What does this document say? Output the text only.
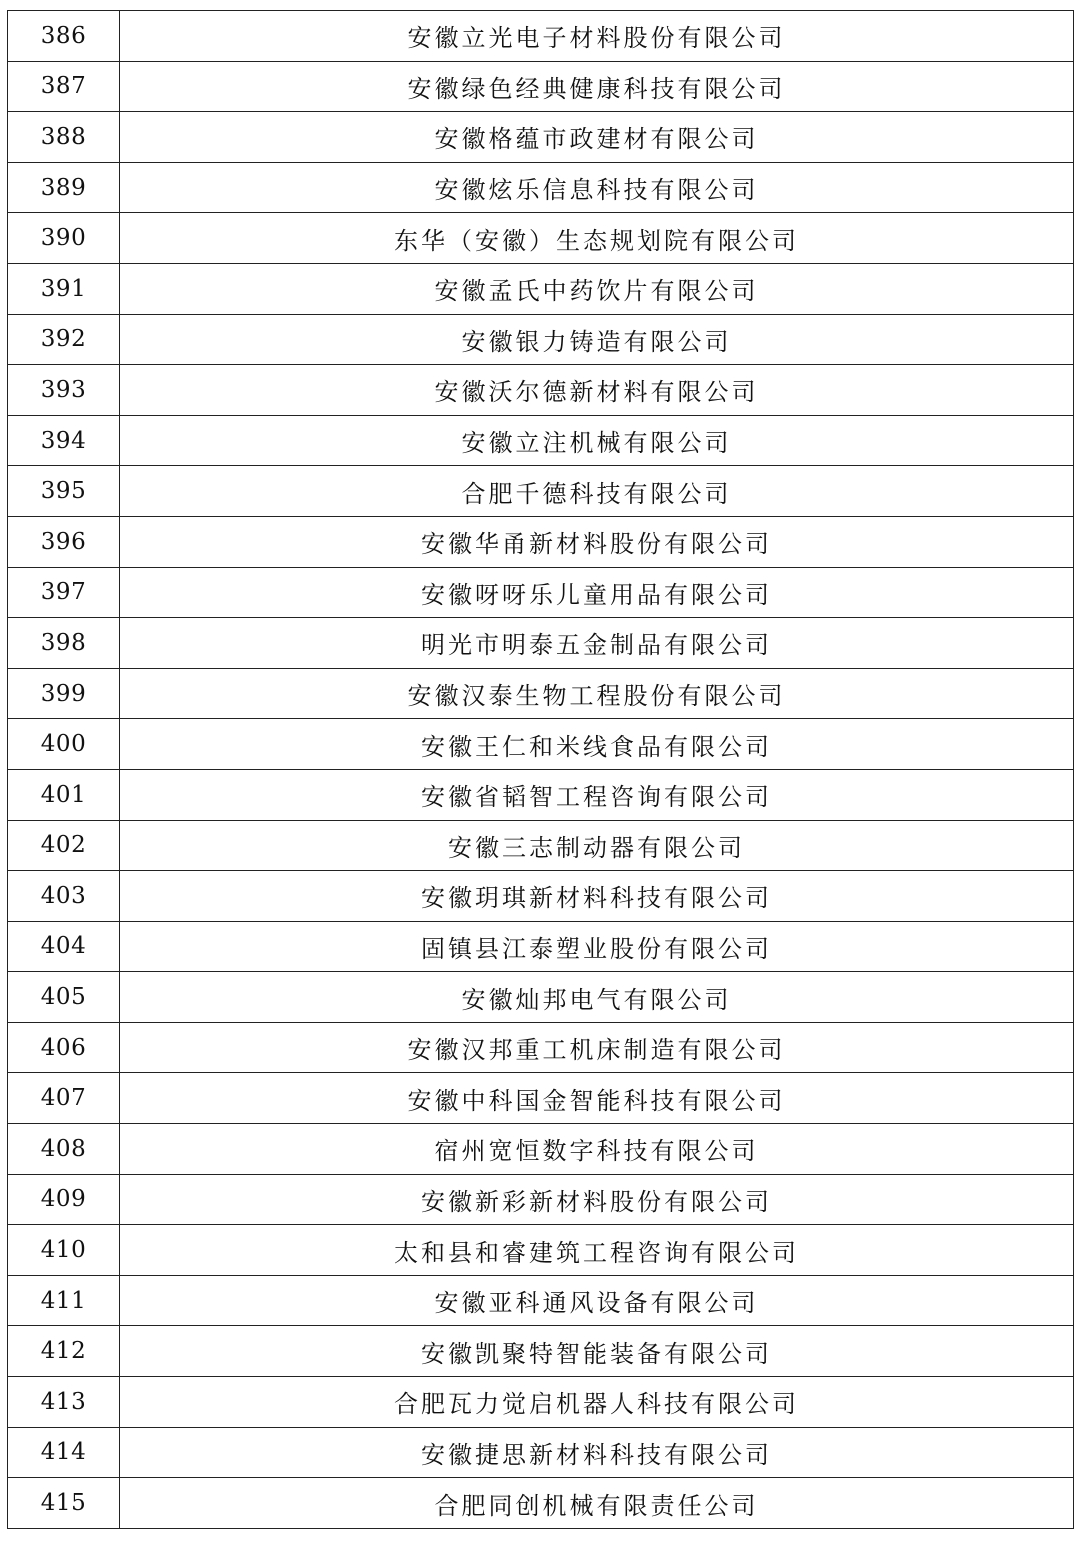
386	安徽立光电子材料股份有限公司
387	安徽绿色经典健康科技有限公司
388	安徽格蕴市政建材有限公司
389	安徽炫乐信息科技有限公司
390	东华（安徽）生态规划院有限公司
391	安徽孟氏中药饮片有限公司
392	安徽银力铸造有限公司
393	安徽沃尔德新材料有限公司
394	安徽立注机械有限公司
395	合肥千德科技有限公司
396	安徽华甬新材料股份有限公司
397	安徽呀呀乐儿童用品有限公司
398	明光市明泰五金制品有限公司
399	安徽汉泰生物工程股份有限公司
400	安徽王仁和米线食品有限公司
401	安徽省韬智工程咨询有限公司
402	安徽三志制动器有限公司
403	安徽玥琪新材料科技有限公司
404	固镇县江泰塑业股份有限公司
405	安徽灿邦电气有限公司
406	安徽汉邦重工机床制造有限公司
407	安徽中科国金智能科技有限公司
408	宿州宽恒数字科技有限公司
409	安徽新彩新材料股份有限公司
410	太和县和睿建筑工程咨询有限公司
411	安徽亚科通风设备有限公司
412	安徽凯聚特智能装备有限公司
413	合肥瓦力觉启机器人科技有限公司
414	安徽捷思新材料科技有限公司
415	合肥同创机械有限责任公司
